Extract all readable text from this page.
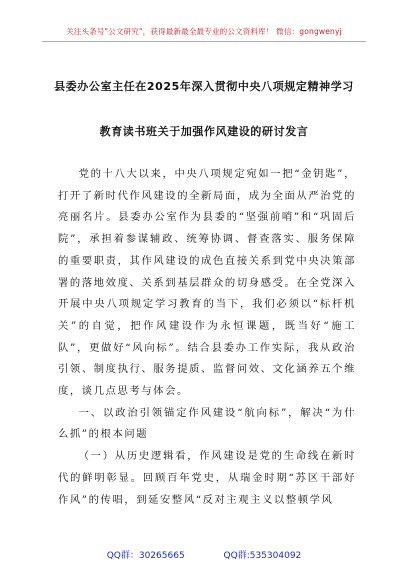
关注头条号"公文研究"，获得最新最全最专业的公文资料库！ 微信：gongwenyj
县委办公室主任在2025年深入贯彻中央八项规定精神学习
教育读书班关于加强作风建设的研讨发言

党的十八大以来，中央八项规定宛如一把“金钥匙”，打开了新时代作风建设的全新局面，成为全面从严治党的亮丽名片。县委办公室作为县委的“坚强前哨”和“巩固后院”，承担着参谋辅政、统筹协调、督查落实、服务保障的重要职责，其作风建设的成色直接关系到党中央决策部署的落地效度、关系到基层群众的切身感受。在全党深入开展中央八项规定学习教育的当下，我们必须以“标杆机关”的自觉，把作风建设作为永恒课题，既当好“施工队”，更做好“风向标”。结合县委办工作实际，我从政治引领、制度执行、服务提质、监督问效、文化涵养五个维度，谈几点思考与体会。

一、以政治引领锚定作风建设“航向标”，解决“为什么抓”的根本问题

（一）从历史逻辑看，作风建设是党的生命线在新时代的鲜明彰显。回顾百年党史，从瑞金时期“苏区干部好作风”的传唱，到延安整风“反对主观主义以整顿学风

QQ群：30265665	QQ群:535304092
